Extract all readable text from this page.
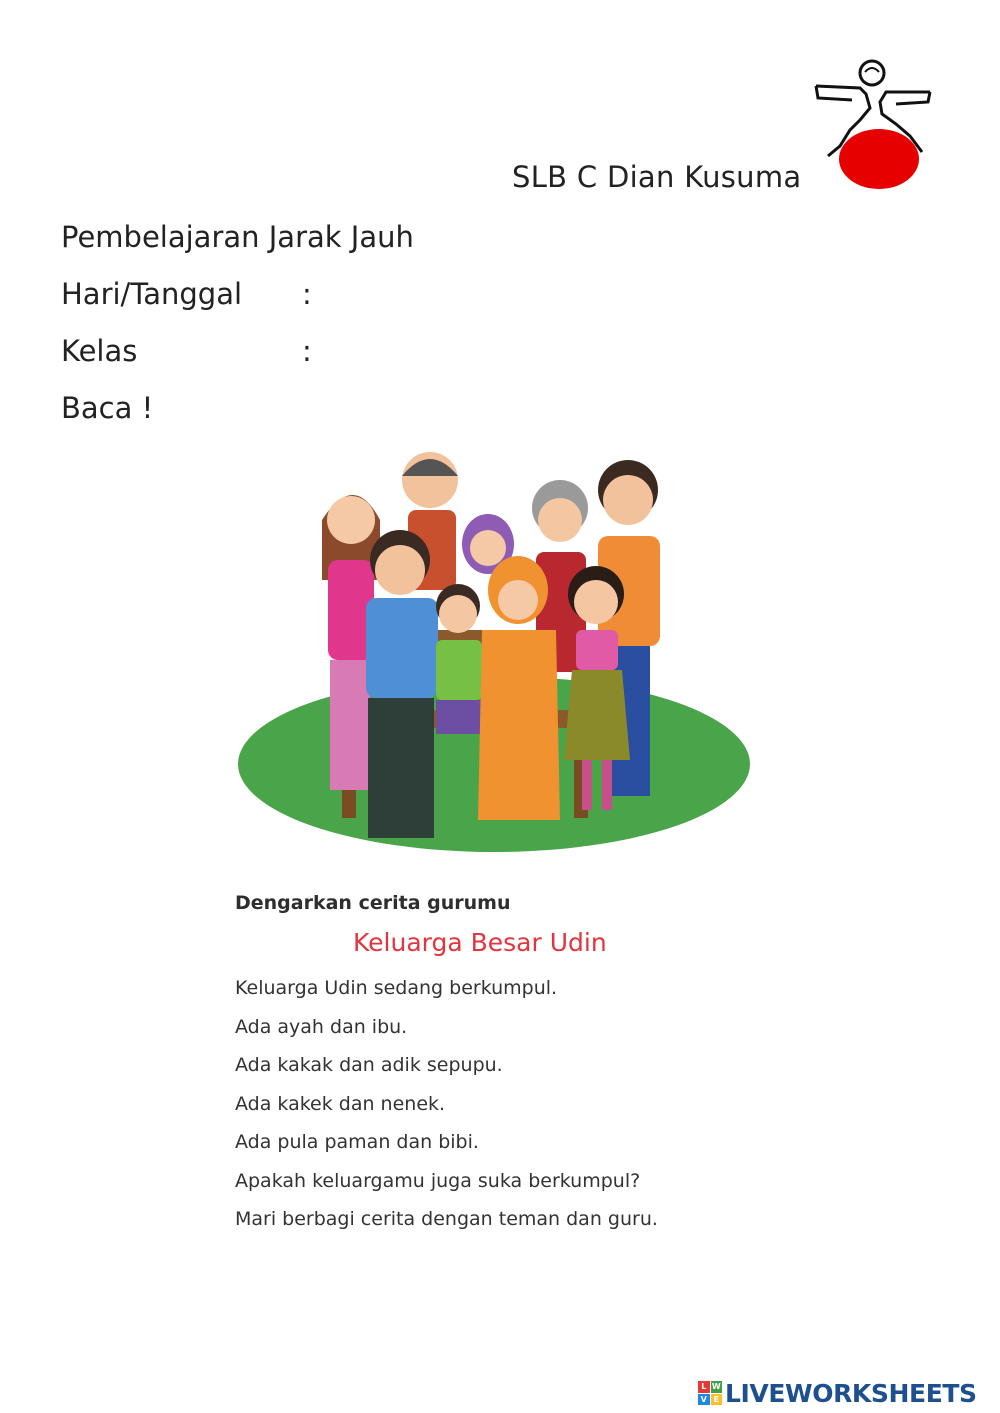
SLB C Dian Kusuma
Pembelajaran Jarak Jauh
Hari/Tanggal :
Kelas	:
Baca !
Dengarkan cerita gurumu
Keluarga Besar Udin
Keluarga Udin sedang berkumpul.
Ada ayah dan ibu.
Ada kakak dan adik sepupu.
Ada kakek dan nenek.
Ada pula paman dan bibi.
Apakah keluargamu juga suka berkumpul?
Mari berbagi cerita dengan teman dan guru.
L W
V E LIVEWORKSHEETS
